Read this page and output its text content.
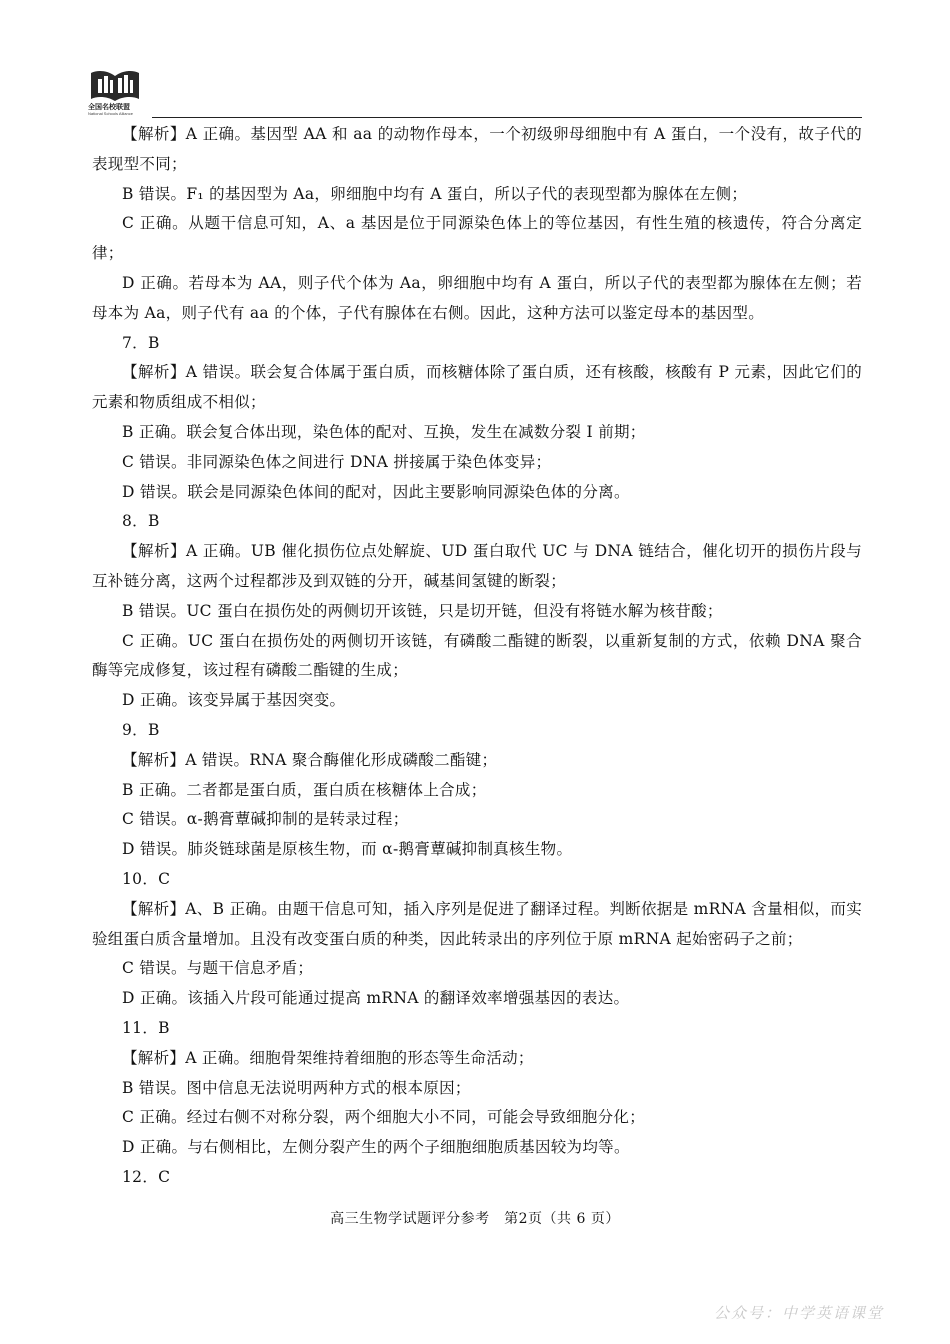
全国名校联盟
National Schools Alliance

【解析】A 正确。基因型 AA 和 aa 的动物作母本，一个初级卵母细胞中有 A 蛋白，一个没有，故子代的表现型不同；

B 错误。F₁ 的基因型为 Aa，卵细胞中均有 A 蛋白，所以子代的表现型都为腺体在左侧；

C 正确。从题干信息可知，A、a 基因是位于同源染色体上的等位基因，有性生殖的核遗传，符合分离定律；

D 正确。若母本为 AA，则子代个体为 Aa，卵细胞中均有 A 蛋白，所以子代的表型都为腺体在左侧；若母本为 Aa，则子代有 aa 的个体，子代有腺体在右侧。因此，这种方法可以鉴定母本的基因型。

7．B

【解析】A 错误。联会复合体属于蛋白质，而核糖体除了蛋白质，还有核酸，核酸有 P 元素，因此它们的元素和物质组成不相似；

B 正确。联会复合体出现，染色体的配对、互换，发生在减数分裂 Ⅰ 前期；

C 错误。非同源染色体之间进行 DNA 拼接属于染色体变异；

D 错误。联会是同源染色体间的配对，因此主要影响同源染色体的分离。

8．B

【解析】A 正确。UB 催化损伤位点处解旋、UD 蛋白取代 UC 与 DNA 链结合，催化切开的损伤片段与互补链分离，这两个过程都涉及到双链的分开，碱基间氢键的断裂；

B 错误。UC 蛋白在损伤处的两侧切开该链，只是切开链，但没有将链水解为核苷酸；

C 正确。UC 蛋白在损伤处的两侧切开该链，有磷酸二酯键的断裂，以重新复制的方式，依赖 DNA 聚合酶等完成修复，该过程有磷酸二酯键的生成；

D 正确。该变异属于基因突变。

9．B

【解析】A 错误。RNA 聚合酶催化形成磷酸二酯键；

B 正确。二者都是蛋白质，蛋白质在核糖体上合成；

C 错误。α-鹅膏蕈碱抑制的是转录过程；

D 错误。肺炎链球菌是原核生物，而 α-鹅膏蕈碱抑制真核生物。

10．C

【解析】A、B 正确。由题干信息可知，插入序列是促进了翻译过程。判断依据是 mRNA 含量相似，而实验组蛋白质含量增加。且没有改变蛋白质的种类，因此转录出的序列位于原 mRNA 起始密码子之前；

C 错误。与题干信息矛盾；

D 正确。该插入片段可能通过提高 mRNA 的翻译效率增强基因的表达。

11．B

【解析】A 正确。细胞骨架维持着细胞的形态等生命活动；

B 错误。图中信息无法说明两种方式的根本原因；

C 正确。经过右侧不对称分裂，两个细胞大小不同，可能会导致细胞分化；

D 正确。与右侧相比，左侧分裂产生的两个子细胞细胞质基因较为均等。

12．C

高三生物学试题评分参考　第2页（共 6 页）
公众号：中学英语课堂
